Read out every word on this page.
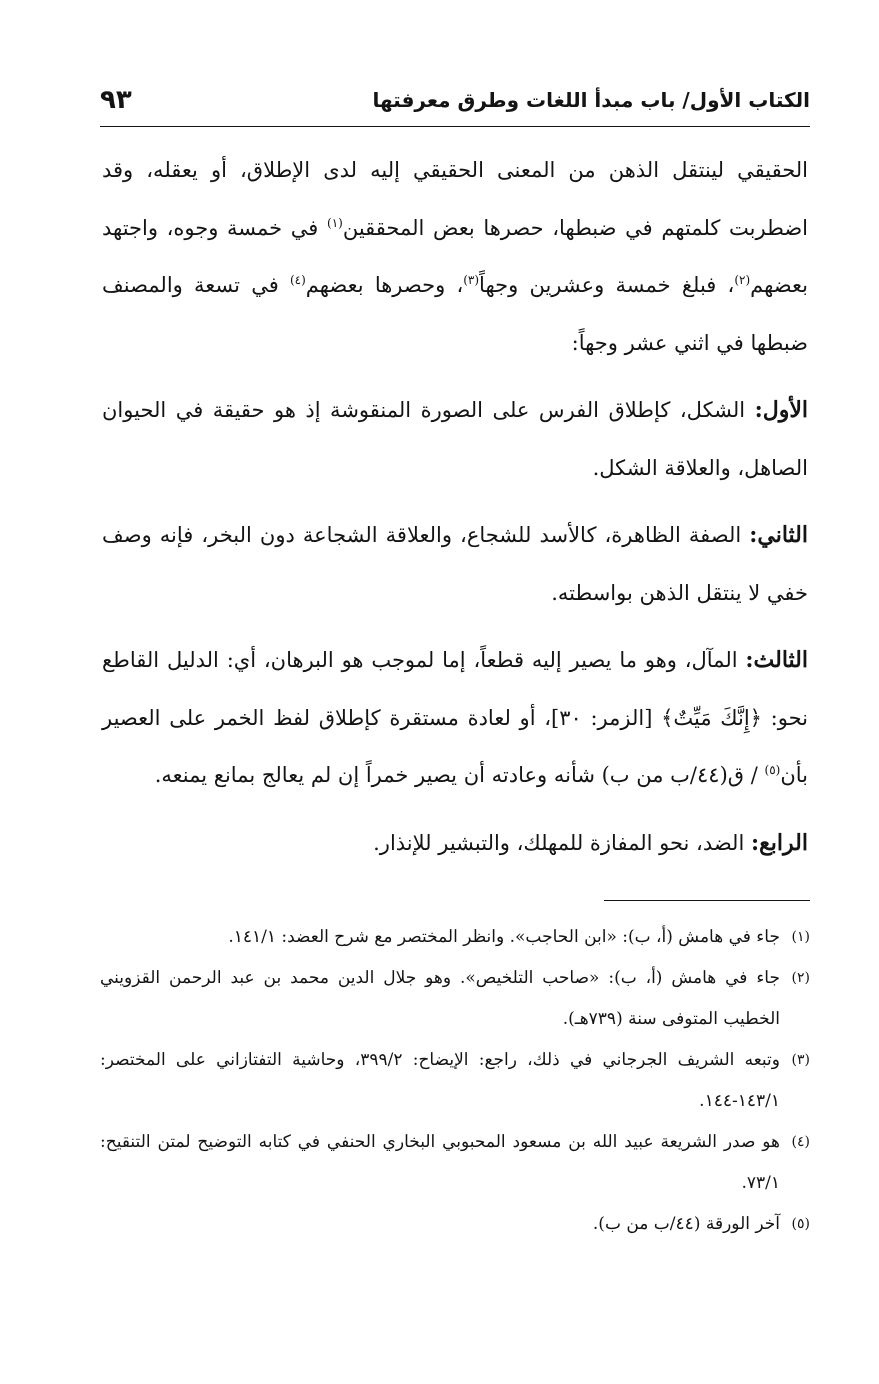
الكتاب الأول/ باب مبدأ اللغات وطرق معرفتها
٩٣

الحقيقي لينتقل الذهن من المعنى الحقيقي إليه لدى الإطلاق، أو يعقله، وقد اضطربت كلمتهم في ضبطها، حصرها بعض المحققين$^{(١)}$ في خمسة وجوه، واجتهد بعضهم$^{(٢)}$، فبلغ خمسة وعشرين وجهاً$^{(٣)}$، وحصرها بعضهم$^{(٤)}$ في تسعة والمصنف ضبطها في اثني عشر وجهاً:

الأول: الشكل، كإطلاق الفرس على الصورة المنقوشة إذ هو حقيقة في الحيوان الصاهل، والعلاقة الشكل.

الثاني: الصفة الظاهرة، كالأسد للشجاع، والعلاقة الشجاعة دون البخر، فإنه وصف خفي لا ينتقل الذهن بواسطته.

الثالث: المآل، وهو ما يصير إليه قطعاً، إما لموجب هو البرهان، أي: الدليل القاطع نحو: ﴿إِنَّكَ مَيِّتٌ﴾ [الزمر: ٣٠]، أو لعادة مستقرة كإطلاق لفظ الخمر على العصير بأن$^{(٥)}$ / ق(٤٤/ب من ب) شأنه وعادته أن يصير خمراً إن لم يعالج بمانع يمنعه.

الرابع: الضد، نحو المفازة للمهلك، والتبشير للإنذار.

(١)
جاء في هامش (أ، ب): «ابن الحاجب». وانظر المختصر مع شرح العضد: ١٤١/١.
(٢)
جاء في هامش (أ، ب): «صاحب التلخيص». وهو جلال الدين محمد بن عبد الرحمن القزويني الخطيب المتوفى سنة (٧٣٩هـ).
(٣)
وتبعه الشريف الجرجاني في ذلك، راجع: الإيضاح: ٣٩٩/٢، وحاشية التفتازاني على المختصر: ١٤٣/١-١٤٤.
(٤)
هو صدر الشريعة عبيد الله بن مسعود المحبوبي البخاري الحنفي في كتابه التوضيح لمتن التنقيح: ٧٣/١.
(٥)
آخر الورقة (٤٤/ب من ب).
